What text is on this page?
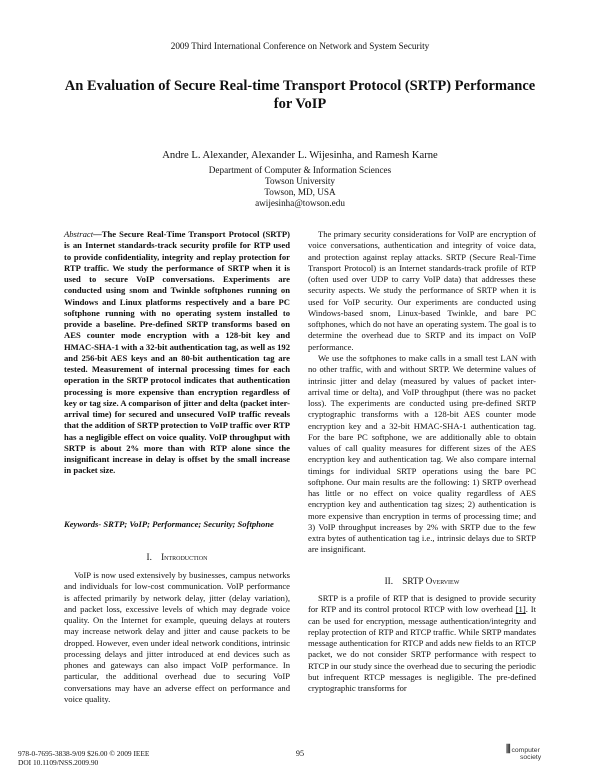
2009 Third International Conference on Network and System Security
An Evaluation of Secure Real-time Transport Protocol (SRTP) Performance for VoIP
Andre L. Alexander, Alexander L. Wijesinha, and Ramesh Karne
Department of Computer & Information Sciences
Towson University
Towson, MD, USA
awijesinha@towson.edu
Abstract—The Secure Real-Time Transport Protocol (SRTP) is an Internet standards-track security profile for RTP used to provide confidentiality, integrity and replay protection for RTP traffic. We study the performance of SRTP when it is used to secure VoIP conversations. Experiments are conducted using snom and Twinkle softphones running on Windows and Linux platforms respectively and a bare PC softphone running with no operating system installed to provide a baseline. Pre-defined SRTP transforms based on AES counter mode encryption with a 128-bit key and HMAC-SHA-1 with a 32-bit authentication tag, as well as 192 and 256-bit AES keys and an 80-bit authentication tag are tested. Measurement of internal processing times for each operation in the SRTP protocol indicates that authentication processing is more expensive than encryption regardless of key or tag size. A comparison of jitter and delta (packet inter-arrival time) for secured and unsecured VoIP traffic reveals that the addition of SRTP protection to VoIP traffic over RTP has a negligible effect on voice quality. VoIP throughput with SRTP is about 2% more than with RTP alone since the insignificant increase in delay is offset by the small increase in packet size.
Keywords- SRTP; VoIP; Performance; Security; Softphone
I. Introduction
VoIP is now used extensively by businesses, campus networks and individuals for low-cost communication. VoIP performance is affected primarily by network delay, jitter (delay variation), and packet loss, excessive levels of which may degrade voice quality. On the Internet for example, queuing delays at routers may increase network delay and jitter and cause packets to be dropped. However, even under ideal network conditions, intrinsic processing delays and jitter introduced at end devices such as phones and gateways can also impact VoIP performance. In particular, the additional overhead due to securing VoIP conversations may have an adverse effect on performance and voice quality.
The primary security considerations for VoIP are encryption of voice conversations, authentication and integrity of voice data, and protection against replay attacks. SRTP (Secure Real-Time Transport Protocol) is an Internet standards-track profile of RTP (often used over UDP to carry VoIP data) that addresses these security aspects. We study the performance of SRTP when it is used for VoIP security. Our experiments are conducted using Windows-based snom, Linux-based Twinkle, and bare PC softphones, which do not have an operating system. The goal is to determine the overhead due to SRTP and its impact on VoIP performance.
We use the softphones to make calls in a small test LAN with no other traffic, with and without SRTP. We determine values of intrinsic jitter and delay (measured by values of packet inter-arrival time or delta), and VoIP throughput (there was no packet loss). The experiments are conducted using pre-defined SRTP cryptographic transforms with a 128-bit AES counter mode encryption key and a 32-bit HMAC-SHA-1 authentication tag. For the bare PC softphone, we are additionally able to obtain values of call quality measures for different sizes of the AES encryption key and authentication tag. We also compare internal timings for individual SRTP operations using the bare PC softphone. Our main results are the following: 1) SRTP overhead has little or no effect on voice quality regardless of AES encryption key and authentication tag sizes; 2) authentication is more expensive than encryption in terms of processing time; and 3) VoIP throughput increases by 2% with SRTP due to the few extra bytes of authentication tag i.e., intrinsic delays due to SRTP are insignificant.
II. SRTP Overview
SRTP is a profile of RTP that is designed to provide security for RTP and its control protocol RTCP with low overhead [1]. It can be used for encryption, message authentication/integrity and replay protection of RTP and RTCP traffic. While SRTP mandates message authentication for RTCP and adds new fields to an RTCP packet, we do not consider SRTP performance with respect to RTCP in our study since the overhead due to securing the periodic but infrequent RTCP messages is negligible. The pre-defined cryptographic transforms for
978-0-7695-3838-9/09 $26.00 © 2009 IEEE
DOI 10.1109/NSS.2009.90
95	⫼ computer
society
